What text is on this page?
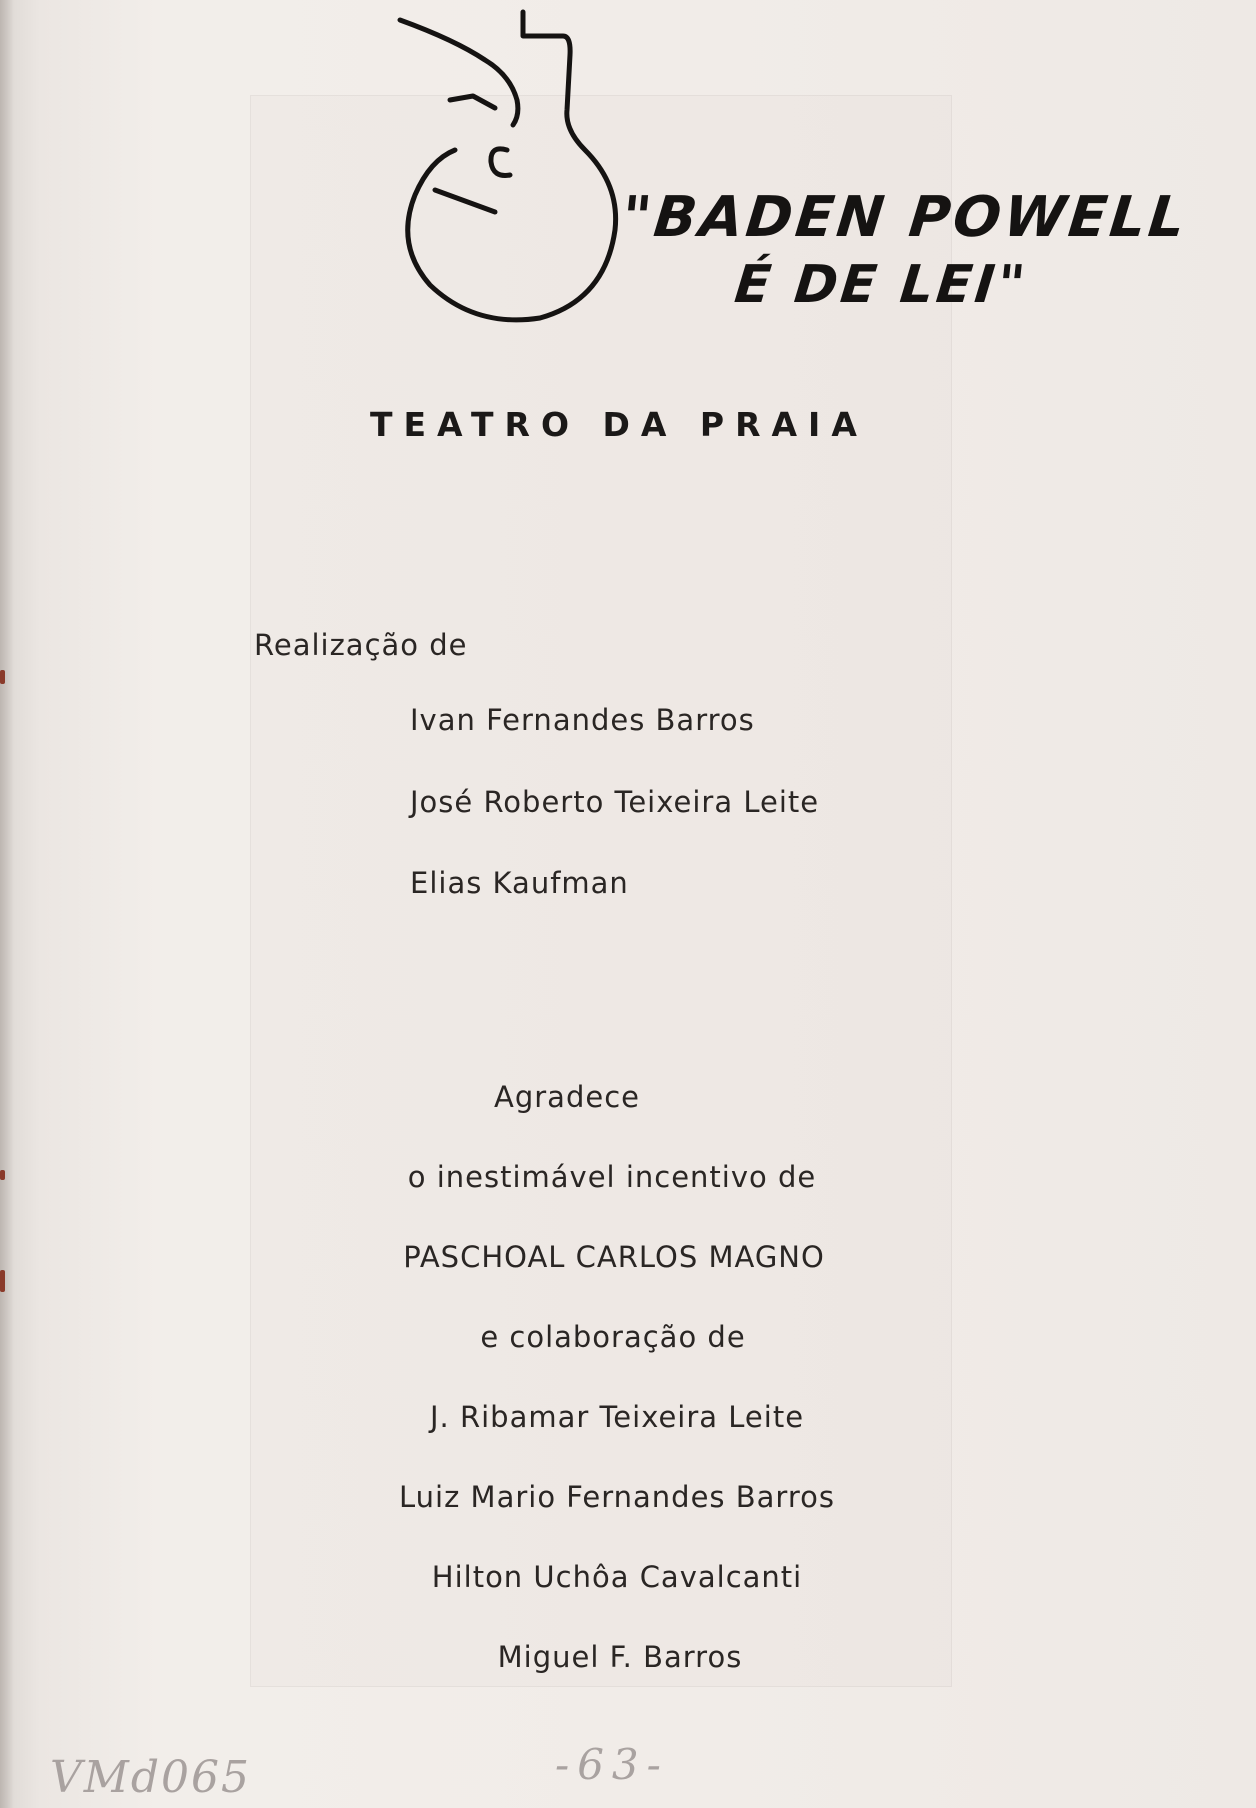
"BADEN POWELL
É DE LEI"
TEATRO DA PRAIA
Realização de
Ivan Fernandes Barros
José Roberto Teixeira Leite
Elias Kaufman
Agradece
o inestimável incentivo de
PASCHOAL CARLOS MAGNO
e colaboração de
J. Ribamar Teixeira Leite
Luiz Mario Fernandes Barros
Hilton Uchôa Cavalcanti
Miguel F. Barros
VMd065	-63-
